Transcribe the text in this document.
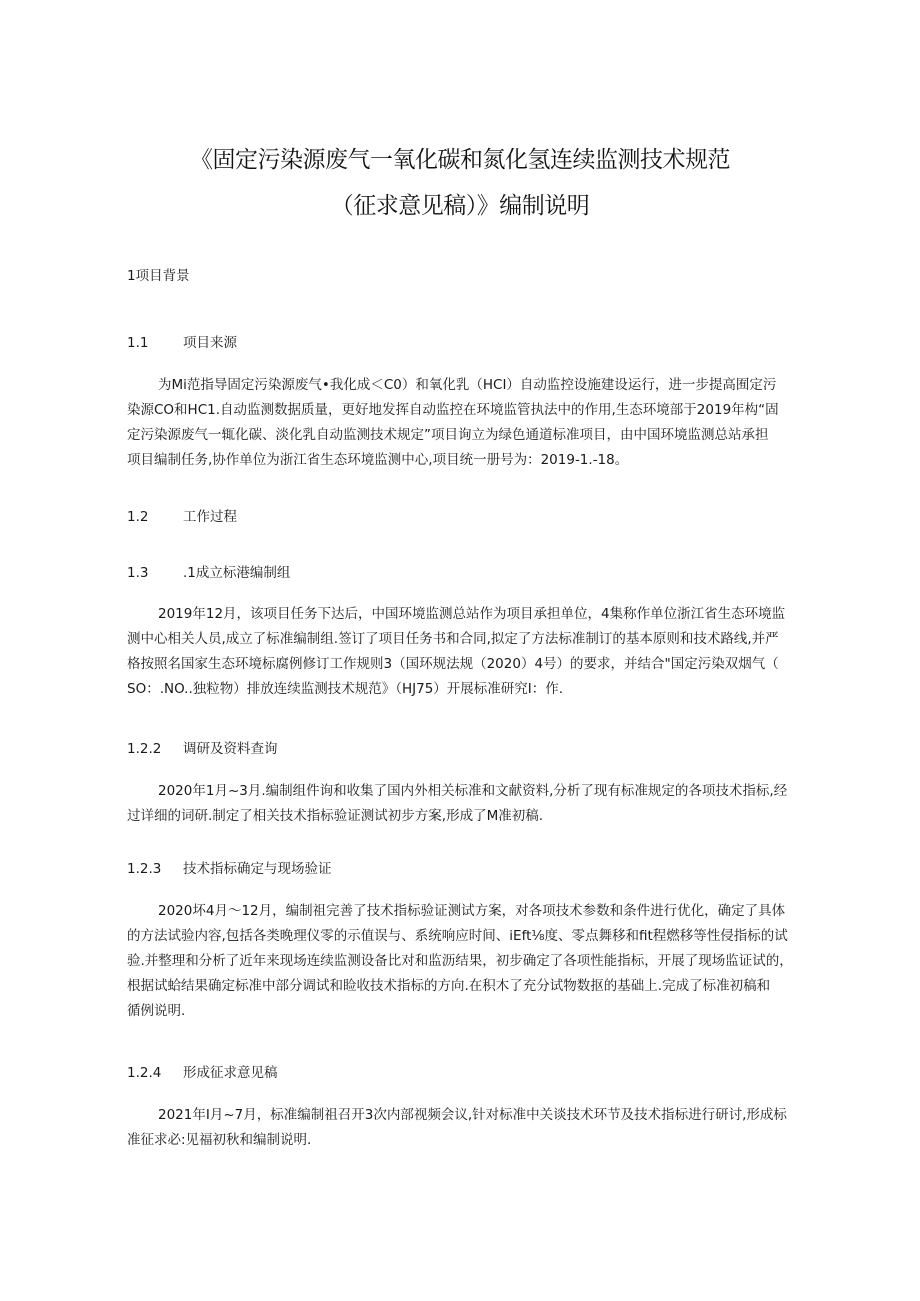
《固定污染源废气一氧化碳和氮化氢连续监测技术规范
（征求意见稿）》编制说明
1项目背景
1.1	项目来源
为Mi范指导固定污染源废气•我化成＜C0）和氧化乳（HCI）自动监控设施建设运行，进一步提高囿定污
染源CO和HC1.自动监测数据质量，更好地发挥自动监控在环境监管执法中的作用,生态环境部于2019年构“固
定污染源废气一辄化碳、淡化乳自动监测技术规定”项目询立为绿色通道标准项目，由中国环境监测总站承担
项目编制任务,协作单位为浙江省生态环境监测中心,项目统一册号为：2019-1.-18。
1.2	工作过程
1.3	.1成立标港编制组
2019年12月，该项目任务下达后，中国环境监测总站作为项目承担单位，4集称作单位浙江省生态环境监
测中心相关人员,成立了标准编制组.签订了项目任务书和合同,拟定了方法标准制订的基本原则和技术路线,并严
格按照名国家生态环境标腐例修订工作规则3（国环规法规（2020）4号）的要求，并结合"国定污染双烟气（
SO：.NO..独粒物）排放连续监测技术规范》（HJ75）开展标准研究I：作.
1.2.2 调研及资料查询
2020年1月~3月.编制组件询和收集了国内外相关标准和文献资料,分析了现有标准规定的各项技术指标,经
过详细的词研.制定了相关技术指标验证测试初步方案,形成了M准初稿.
1.2.3 技术指标确定与现场验证
2020坏4月〜12月，编制祖完善了技术指标验证测试方案，对各项技术参数和条件进行优化，确定了具体
的方法试验内容,包括各类晚理仪零的示值误与、系统响应时间、iEft⅛度、零点舞移和fit程燃移等性侵指标的试
验.并整理和分析了近年来现场连续监测设备比对和监沥结果，初步确定了各项性能指标，开展了现场监证试的，
根据试蛤结果确定标准中部分调试和睑收技术指标的方向.在积木了充分试物数抠的基础上.完成了标准初稿和
循例说明.
1.2.4 形成征求意见稿
2021年I月~7月，标准编制祖召开3次内部视频会议,针对标准中关谈技术环节及技术指标进行研讨,形成标
准征求必:见福初秋和编制说明.
